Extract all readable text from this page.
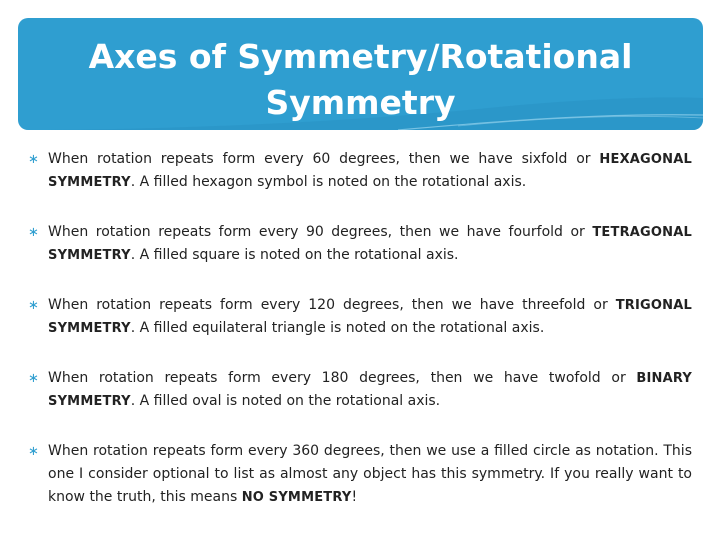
Axes of Symmetry/Rotational
Symmetry
∗ When rotation repeats form every 60 degrees, then we have sixfold or HEXAGONAL SYMMETRY. A filled hexagon symbol is noted on the rotational axis.
∗ When rotation repeats form every 90 degrees, then we have fourfold or TETRAGONAL SYMMETRY. A filled square is noted on the rotational axis.
∗ When rotation repeats form every 120 degrees, then we have threefold or TRIGONAL SYMMETRY. A filled equilateral triangle is noted on the rotational axis.
∗ When rotation repeats form every 180 degrees, then we have twofold or BINARY SYMMETRY. A filled oval is noted on the rotational axis.
∗ When rotation repeats form every 360 degrees, then we use a filled circle as notation. This one I consider optional to list as almost any object has this symmetry. If you really want to know the truth, this means NO SYMMETRY!
